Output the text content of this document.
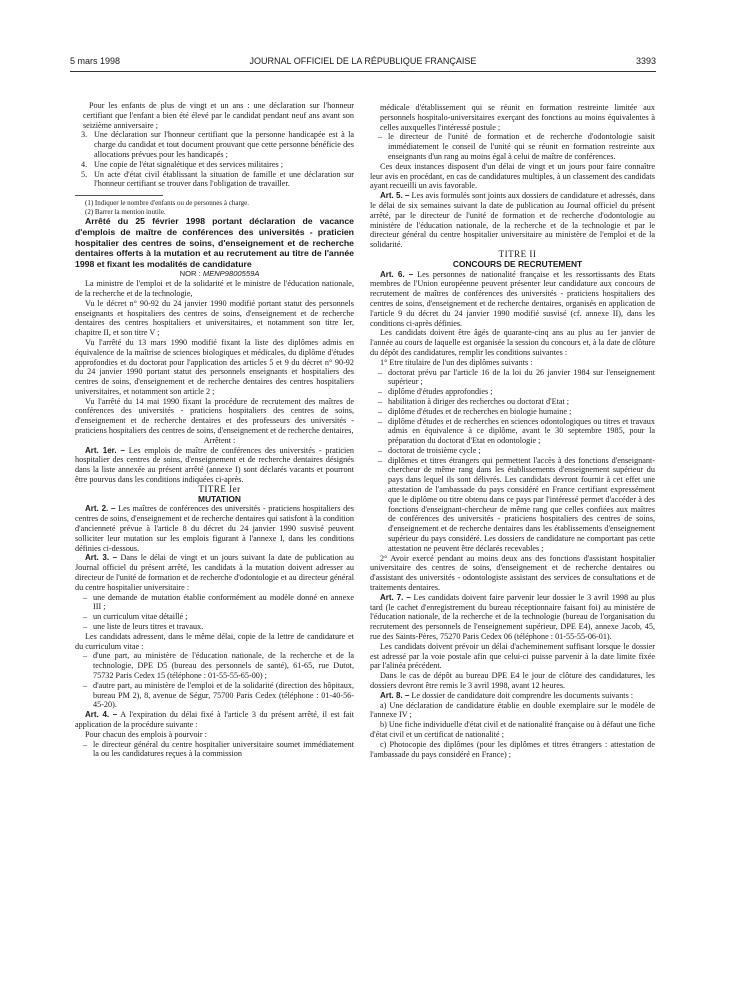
5 mars 1998	JOURNAL OFFICIEL DE LA RÉPUBLIQUE FRANÇAISE	3393

Pour les enfants de plus de vingt et un ans : une déclaration sur l'honneur certifiant que l'enfant a bien été élevé par le candidat pendant neuf ans avant son seizième anniversaire ;

3. Une déclaration sur l'honneur certifiant que la personne handicapée est à la charge du candidat et tout document prouvant que cette personne bénéficie des allocations prévues pour les handicapés ;
4. Une copie de l'état signalétique et des services militaires ;
5. Un acte d'état civil établissant la situation de famille et une déclaration sur l'honneur certifiant se trouver dans l'obligation de travailler.

(1) Indiquer le nombre d'enfants ou de personnes à charge.

(2) Barrer la mention inutile.

Arrêté du 25 février 1998 portant déclaration de vacance d'emplois de maître de conférences des universités - praticien hospitalier des centres de soins, d'enseignement et de recherche dentaires offerts à la mutation et au recrutement au titre de l'année 1998 et fixant les modalités de candidature

NOR : MENP9800559A

La ministre de l'emploi et de la solidarité et le ministre de l'éducation nationale, de la recherche et de la technologie,

Vu le décret n° 90-92 du 24 janvier 1990 modifié portant statut des personnels enseignants et hospitaliers des centres de soins, d'enseignement et de recherche dentaires des centres hospitaliers et universitaires, et notamment son titre Ier, chapitre II, et son titre V ;

Vu l'arrêté du 13 mars 1990 modifié fixant la liste des diplômes admis en équivalence de la maîtrise de sciences biologiques et médicales, du diplôme d'études approfondies et du doctorat pour l'application des articles 5 et 9 du décret n° 90-92 du 24 janvier 1990 portant statut des personnels enseignants et hospitaliers des centres de soins, d'enseignement et de recherche dentaires des centres hospitaliers universitaires, et notamment son article 2 ;

Vu l'arrêté du 14 mai 1990 fixant la procédure de recrutement des maîtres de conférences des universités - praticiens hospitaliers des centres de soins, d'enseignement et de recherche dentaires et des professeurs des universités - praticiens hospitaliers des centres de soins, d'enseignement et de recherche dentaires,

Arrêtent :

Art. 1er. – Les emplois de maître de conférences des universités - praticien hospitalier des centres de soins, d'enseignement et de recherche dentaires désignés dans la liste annexée au présent arrêté (annexe I) sont déclarés vacants et pourront être pourvus dans les conditions indiquées ci-après.

TITRE Ier

MUTATION

Art. 2. – Les maîtres de conférences des universités - praticiens hospitaliers des centres de soins, d'enseignement et de recherche dentaires qui satisfont à la condition d'ancienneté prévue à l'article 8 du décret du 24 janvier 1990 susvisé peuvent solliciter leur mutation sur les emplois figurant à l'annexe I, dans les conditions définies ci-dessous.

Art. 3. – Dans le délai de vingt et un jours suivant la date de publication au Journal officiel du présent arrêté, les candidats à la mutation doivent adresser au directeur de l'unité de formation et de recherche d'odontologie et au directeur général du centre hospitalier universitaire :

– une demande de mutation établie conformément au modèle donné en annexe III ;
– un curriculum vitae détaillé ;
– une liste de leurs titres et travaux.

Les candidats adressent, dans le même délai, copie de la lettre de candidature et du curriculum vitae :

– d'une part, au ministère de l'éducation nationale, de la recherche et de la technologie, DPE D5 (bureau des personnels de santé), 61-65, rue Dutot, 75732 Paris Cedex 15 (téléphone : 01-55-55-65-00) ;
– d'autre part, au ministère de l'emploi et de la solidarité (direction des hôpitaux, bureau PM 2), 8, avenue de Ségur, 75700 Paris Cedex (téléphone : 01-40-56-45-20).

Art. 4. – A l'expiration du délai fixé à l'article 3 du présent arrêté, il est fait application de la procédure suivante :

Pour chacun des emplois à pourvoir :

– le directeur général du centre hospitalier universitaire soumet immédiatement la ou les candidatures reçues à la commission

médicale d'établissement qui se réunit en formation restreinte limitée aux personnels hospitalo-universitaires exerçant des fonctions au moins équivalentes à celles auxquelles l'intéressé postule ;

– le directeur de l'unité de formation et de recherche d'odontologie saisit immédiatement le conseil de l'unité qui se réunit en formation restreinte aux enseignants d'un rang au moins égal à celui de maître de conférences.

Ces deux instances disposent d'un délai de vingt et un jours pour faire connaître leur avis en procédant, en cas de candidatures multiples, à un classement des candidats ayant recueilli un avis favorable.

Art. 5. – Les avis formulés sont joints aux dossiers de candidature et adressés, dans le délai de six semaines suivant la date de publication au Journal officiel du présent arrêté, par le directeur de l'unité de formation et de recherche d'odontologie au ministère de l'éducation nationale, de la recherche et de la technologie et par le directeur général du centre hospitalier universitaire au ministère de l'emploi et de la solidarité.

TITRE II

CONCOURS DE RECRUTEMENT

Art. 6. – Les personnes de nationalité française et les ressortissants des Etats membres de l'Union européenne peuvent présenter leur candidature aux concours de recrutement de maîtres de conférences des universités - praticiens hospitaliers des centres de soins, d'enseignement et de recherche dentaires, organisés en application de l'article 9 du décret du 24 janvier 1990 modifié susvisé (cf. annexe II), dans les conditions ci-après définies.

Les candidats doivent être âgés de quarante-cinq ans au plus au 1er janvier de l'année au cours de laquelle est organisée la session du concours et, à la date de clôture du dépôt des candidatures, remplir les conditions suivantes :

1° Etre titulaire de l'un des diplômes suivants :

– doctorat prévu par l'article 16 de la loi du 26 janvier 1984 sur l'enseignement supérieur ;
– diplôme d'études approfondies ;
– habilitation à diriger des recherches ou doctorat d'Etat ;
– diplôme d'études et de recherches en biologie humaine ;
– diplôme d'études et de recherches en sciences odontologiques ou titres et travaux admis en équivalence à ce diplôme, avant le 30 septembre 1985, pour la préparation du doctorat d'Etat en odontologie ;
– doctorat de troisième cycle ;
– diplômes et titres étrangers qui permettent l'accès à des fonctions d'enseignant-chercheur de même rang dans les établissements d'enseignement supérieur du pays dans lequel ils sont délivrés. Les candidats devront fournir à cet effet une attestation de l'ambassade du pays considéré en France certifiant expressément que le diplôme ou titre obtenu dans ce pays par l'intéressé permet d'accéder à des fonctions d'enseignant-chercheur de même rang que celles confiées aux maîtres de conférences des universités - praticiens hospitaliers des centres de soins, d'enseignement et de recherche dentaires dans les établissements d'enseignement supérieur du pays considéré. Les dossiers de candidature ne comportant pas cette attestation ne peuvent être déclarés recevables ;

2° Avoir exercé pendant au moins deux ans des fonctions d'assistant hospitalier universitaire des centres de soins, d'enseignement et de recherche dentaires ou d'assistant des universités - odontologiste assistant des services de consultations et de traitements dentaires.

Art. 7. – Les candidats doivent faire parvenir leur dossier le 3 avril 1998 au plus tard (le cachet d'enregistrement du bureau réceptionnaire faisant foi) au ministère de l'éducation nationale, de la recherche et de la technologie (bureau de l'organisation du recrutement des personnels de l'enseignement supérieur, DPE E4), annexe Jacob, 45, rue des Saints-Pères, 75270 Paris Cedex 06 (téléphone : 01-55-55-06-01).

Les candidats doivent prévoir un délai d'acheminement suffisant lorsque le dossier est adressé par la voie postale afin que celui-ci puisse parvenir à la date limite fixée par l'alinéa précédent.

Dans le cas de dépôt au bureau DPE E4 le jour de clôture des candidatures, les dossiers devront être remis le 3 avril 1998, avant 12 heures.

Art. 8. – Le dossier de candidature doit comprendre les documents suivants :

a) Une déclaration de candidature établie en double exemplaire sur le modèle de l'annexe IV ;

b) Une fiche individuelle d'état civil et de nationalité française ou à défaut une fiche d'état civil et un certificat de nationalité ;

c) Photocopie des diplômes (pour les diplômes et titres étrangers : attestation de l'ambassade du pays considéré en France) ;
